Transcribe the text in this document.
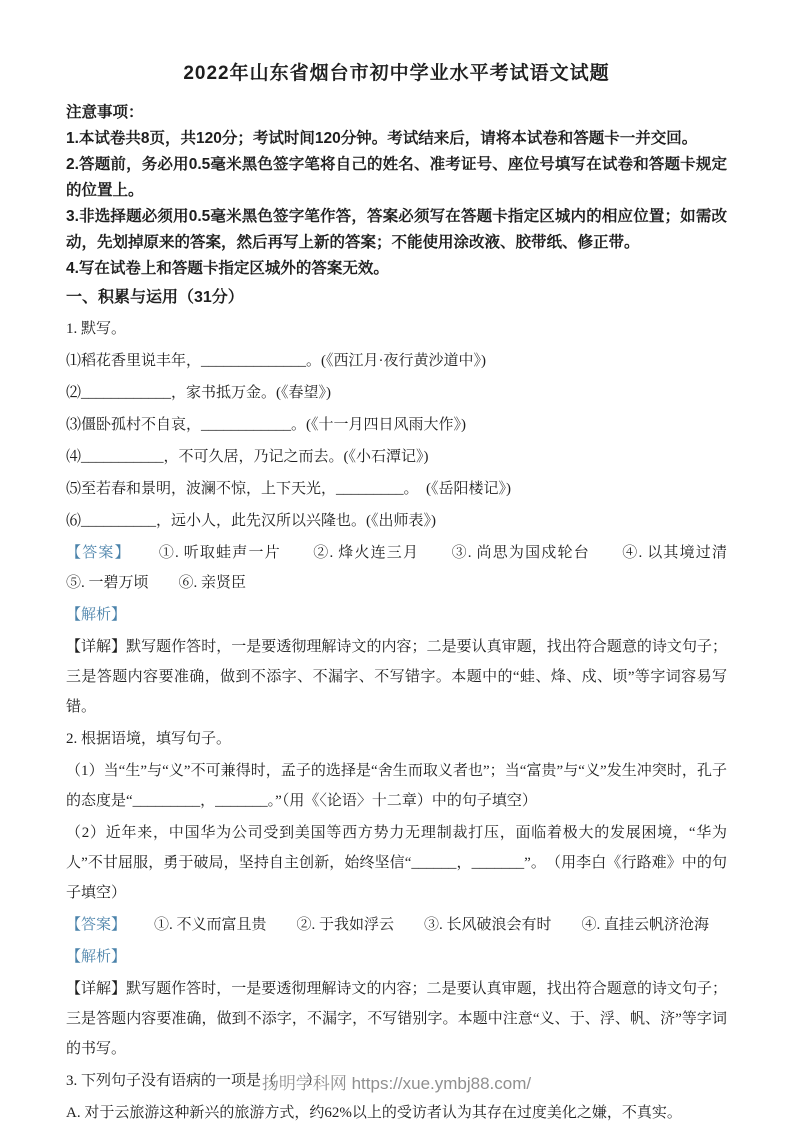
2022年山东省烟台市初中学业水平考试语文试题

注意事项：

1.本试卷共8页，共120分；考试时间120分钟。考试结来后，请将本试卷和答题卡一并交回。

2.答题前，务必用0.5毫米黑色签字笔将自己的姓名、准考证号、座位号填写在试卷和答题卡规定的位置上。

3.非选择题必须用0.5毫米黑色签字笔作答，答案必须写在答题卡指定区城内的相应位置；如需改动，先划掉原来的答案，然后再写上新的答案；不能使用涂改液、胶带纸、修正带。

4.写在试卷上和答题卡指定区城外的答案无效。

一、积累与运用（31分）

1. 默写。

⑴稻花香里说丰年，______________。(《西江月·夜行黄沙道中》)

⑵____________，家书抵万金。(《春望》)

⑶僵卧孤村不自哀，____________。(《十一月四日风雨大作》)

⑷___________，不可久居，乃记之而去。(《小石潭记》)

⑸至若春和景明，波澜不惊，上下天光，_________。　(《岳阳楼记》)

⑹__________，远小人，此先汉所以兴隆也。(《出师表》)

【答案】 ①. 听取蛙声一片　　②. 烽火连三月　　③. 尚思为国戍轮台　　④. 以其境过清　　⑤. 一碧万顷　　⑥. 亲贤臣

【解析】

【详解】默写题作答时，一是要透彻理解诗文的内容；二是要认真审题，找出符合题意的诗文句子；三是答题内容要准确，做到不添字、不漏字、不写错字。本题中的“蛙、烽、戍、顷”等字词容易写错。

2. 根据语境，填写句子。

（1）当“生”与“义”不可兼得时，孟子的选择是“舍生而取义者也”；当“富贵”与“义”发生冲突时，孔子的态度是“_________，_______。”（用《〈论语〉十二章）中的句子填空）

（2）近年来，中国华为公司受到美国等西方势力无理制裁打压，面临着极大的发展困境，“华为人”不甘屈服，勇于破局，坚持自主创新，始终坚信“______，_______”。　（用李白《行路难》中的句子填空）

【答案】 ①. 不义而富且贵　　②. 于我如浮云　　③. 长风破浪会有时　　④. 直挂云帆济沧海

【解析】

【详解】默写题作答时，一是要透彻理解诗文的内容；二是要认真审题，找出符合题意的诗文句子；三是答题内容要准确，做到不添字，不漏字，不写错别字。本题中注意“义、于、浮、帆、济”等字词的书写。

3. 下列句子没有语病的一项是（　　）

A. 对于云旅游这种新兴的旅游方式，约62%以上的受访者认为其存在过度美化之嫌，不真实。

扬明学科网 https://xue.ymbj88.com/
